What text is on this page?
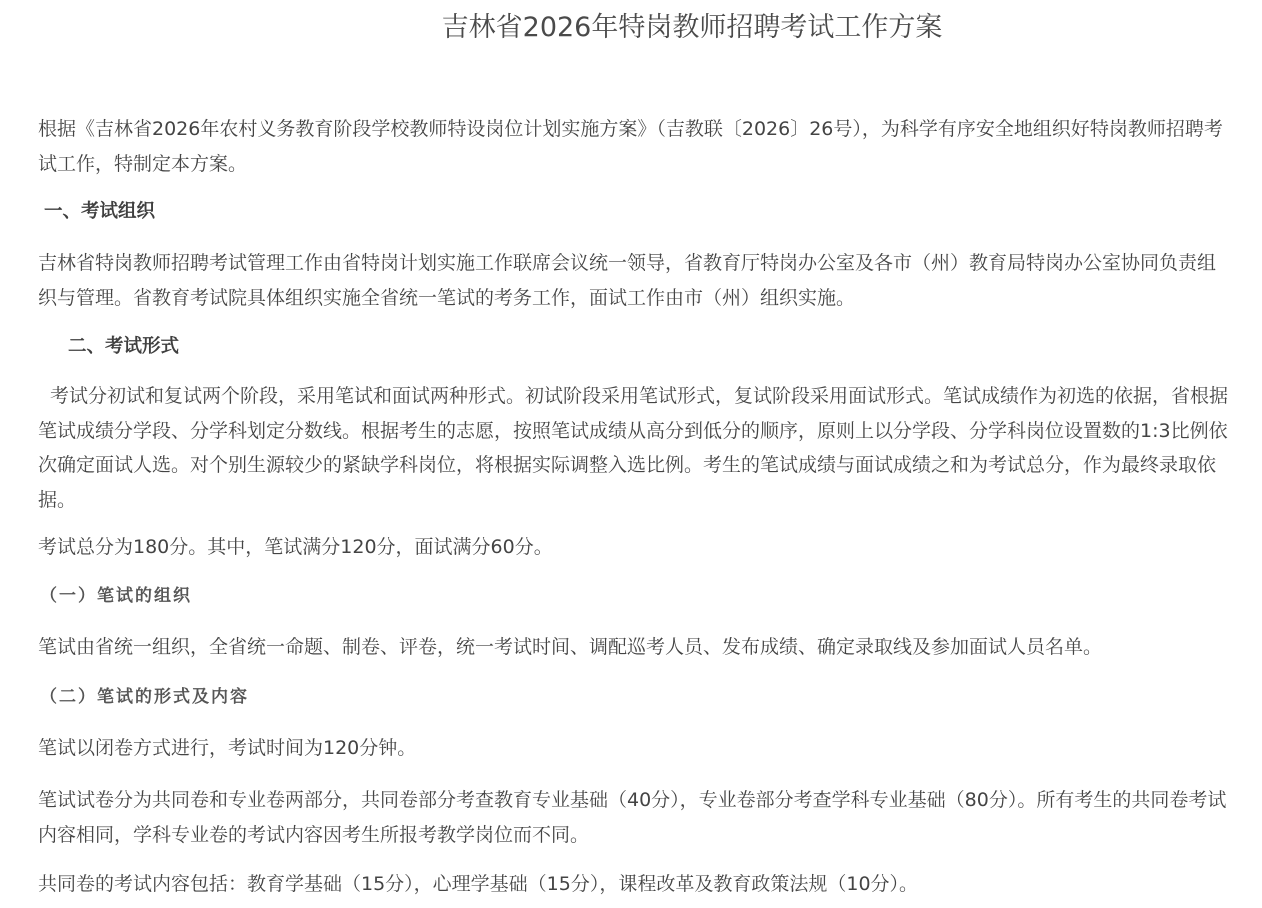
吉林省2026年特岗教师招聘考试工作方案

根据《吉林省2026年农村义务教育阶段学校教师特设岗位计划实施方案》（吉教联〔2026〕26号），为科学有序安全地组织好特岗教师招聘考试工作，特制定本方案。

一、考试组织

吉林省特岗教师招聘考试管理工作由省特岗计划实施工作联席会议统一领导，省教育厅特岗办公室及各市（州）教育局特岗办公室协同负责组织与管理。省教育考试院具体组织实施全省统一笔试的考务工作，面试工作由市（州）组织实施。

二、考试形式

考试分初试和复试两个阶段，采用笔试和面试两种形式。初试阶段采用笔试形式，复试阶段采用面试形式。笔试成绩作为初选的依据，省根据笔试成绩分学段、分学科划定分数线。根据考生的志愿，按照笔试成绩从高分到低分的顺序，原则上以分学段、分学科岗位设置数的1:3比例依次确定面试人选。对个别生源较少的紧缺学科岗位，将根据实际调整入选比例。考生的笔试成绩与面试成绩之和为考试总分，作为最终录取依据。

考试总分为180分。其中，笔试满分120分，面试满分60分。

（一）笔试的组织

笔试由省统一组织，全省统一命题、制卷、评卷，统一考试时间、调配巡考人员、发布成绩、确定录取线及参加面试人员名单。

（二）笔试的形式及内容

笔试以闭卷方式进行，考试时间为120分钟。

笔试试卷分为共同卷和专业卷两部分，共同卷部分考查教育专业基础（40分），专业卷部分考查学科专业基础（80分）。所有考生的共同卷考试内容相同，学科专业卷的考试内容因考生所报考教学岗位而不同。

共同卷的考试内容包括：教育学基础（15分），心理学基础（15分），课程改革及教育政策法规（10分）。
